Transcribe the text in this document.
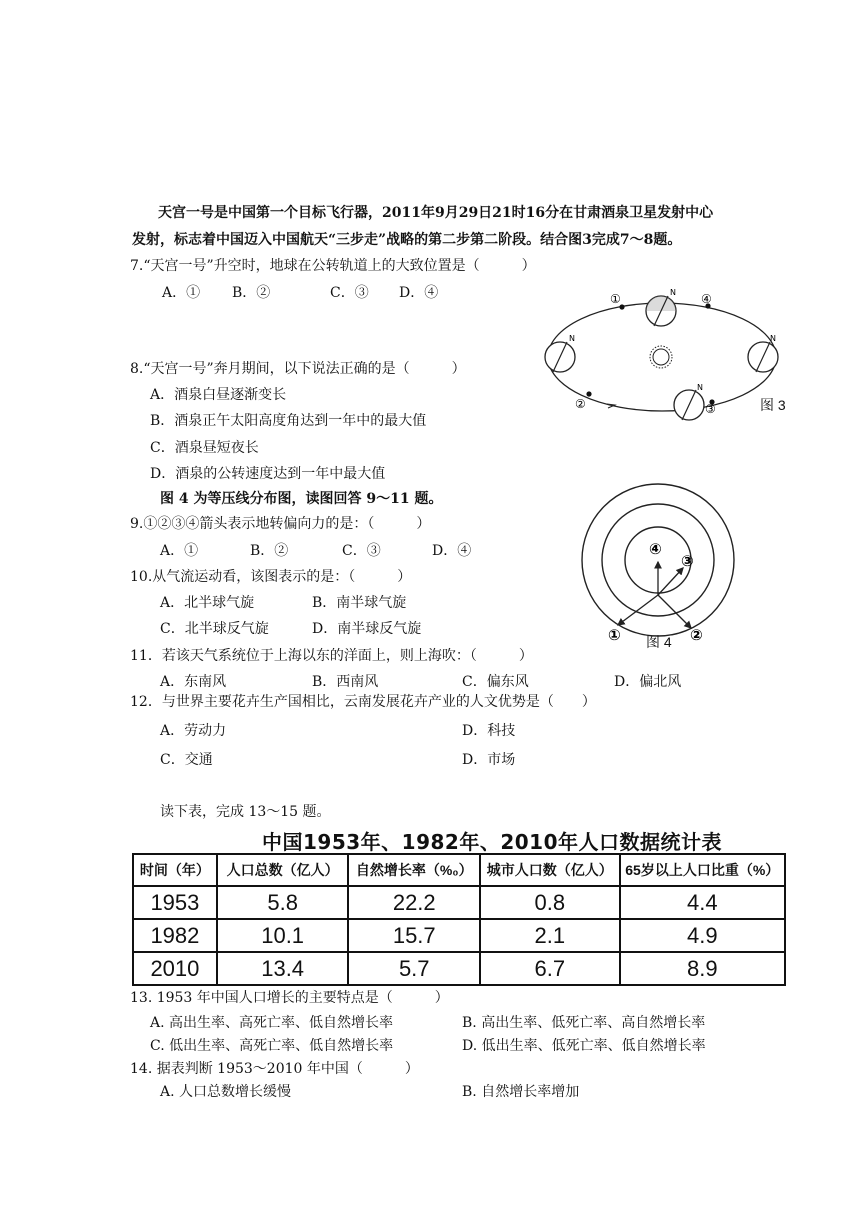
天宫一号是中国第一个目标飞行器，2011年9月29日21时16分在甘肃酒泉卫星发射中心
发射，标志着中国迈入中国航天“三步走”战略的第二步第二阶段。结合图3完成7～8题。
7.“天宫一号”升空时，地球在公转轨道上的大致位置是（　　　）
A．① B．②	C．③ D．④	N
N	N
N
①	④
②	③	图 3
8.“天宫一号”奔月期间，以下说法正确的是（　　　）
A．酒泉白昼逐渐变长
B．酒泉正午太阳高度角达到一年中的最大值
C．酒泉昼短夜长
D．酒泉的公转速度达到一年中最大值
图 4 为等压线分布图，读图回答 9～11 题。
④
③
①	②
图 4
9.①②③④箭头表示地转偏向力的是：（　　　）
A．①	B．②	C．③	D．④
10.从气流运动看，该图表示的是：（　　　）
A．北半球气旋	B．南半球气旋
C．北半球反气旋	D．南半球反气旋
11．若该天气系统位于上海以东的洋面上，则上海吹：（　　　）
A．东南风	B．西南风	C．偏东风	D．偏北风
12．与世界主要花卉生产国相比，云南发展花卉产业的人文优势是（　　）
A．劳动力	D．科技
C．交通	D．市场
读下表，完成 13～15 题。
中国1953年、1982年、2010年人口数据统计表
时间（年）	人口总数（亿人）	自然增长率（%₀）	城市人口数（亿人）	65岁以上人口比重（%）
1953	5.8	22.2	0.8	4.4
1982	10.1	15.7	2.1	4.9
2010	13.4	5.7	6.7	8.9
13. 1953 年中国人口增长的主要特点是（　　　）
A. 高出生率、高死亡率、低自然增长率	B. 高出生率、低死亡率、高自然增长率
C. 低出生率、高死亡率、低自然增长率	D. 低出生率、低死亡率、低自然增长率
14. 据表判断 1953～2010 年中国（　　　）
A. 人口总数增长缓慢	B. 自然增长率增加
